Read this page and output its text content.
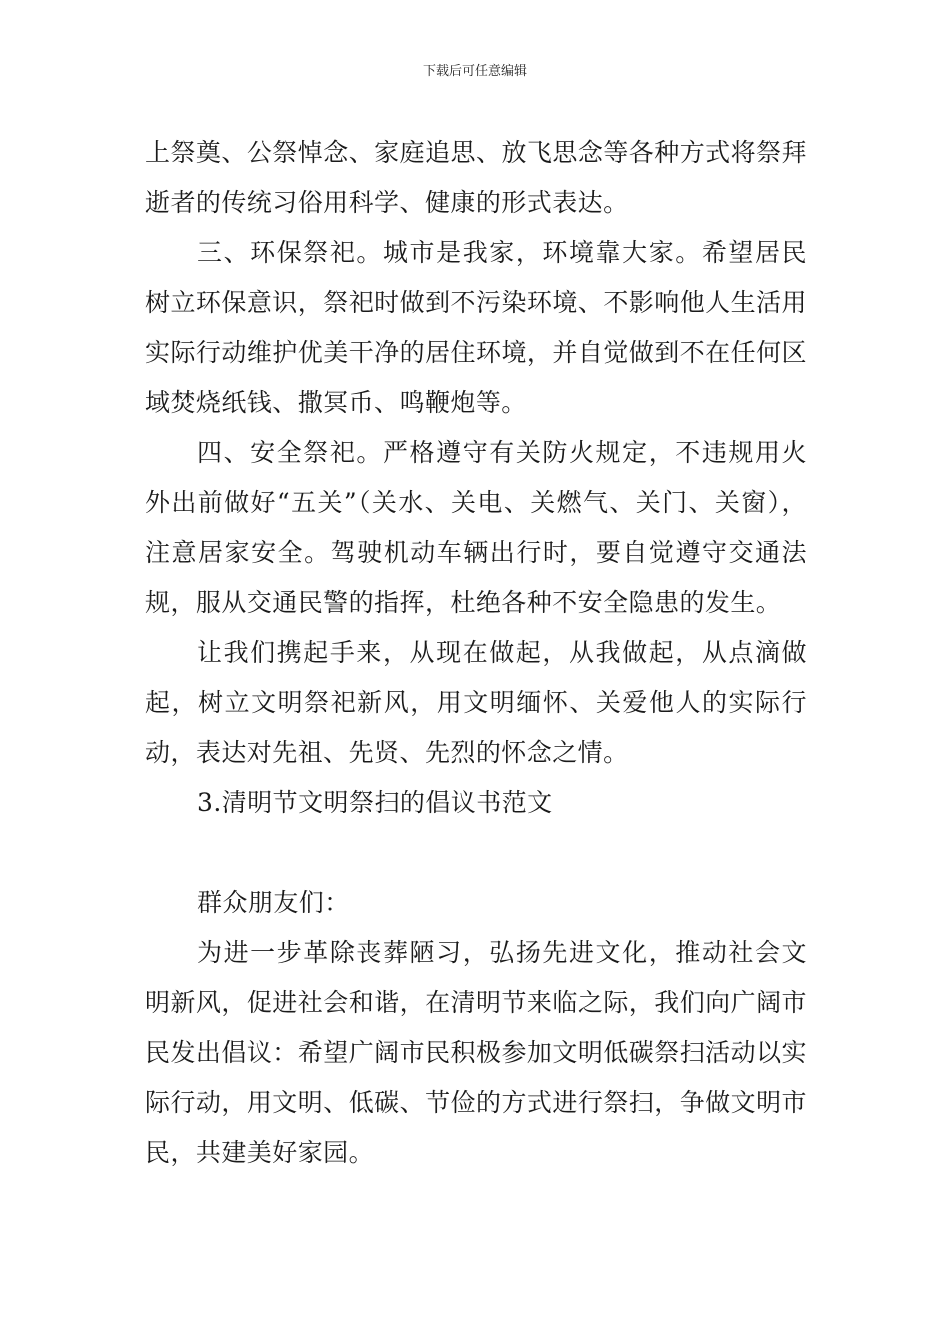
下载后可任意编辑

上祭奠、公祭悼念、家庭追思、放飞思念等各种方式将祭拜逝者的传统习俗用科学、健康的形式表达。

三、环保祭祀。城市是我家，环境靠大家。希望居民树立环保意识，祭祀时做到不污染环境、不影响他人生活用实际行动维护优美干净的居住环境，并自觉做到不在任何区域焚烧纸钱、撒冥币、鸣鞭炮等。

四、安全祭祀。严格遵守有关防火规定，不违规用火外出前做好“五关”（关水、关电、关燃气、关门、关窗），注意居家安全。驾驶机动车辆出行时，要自觉遵守交通法规，服从交通民警的指挥，杜绝各种不安全隐患的发生。

让我们携起手来，从现在做起，从我做起，从点滴做起，树立文明祭祀新风，用文明缅怀、关爱他人的实际行动，表达对先祖、先贤、先烈的怀念之情。

3.清明节文明祭扫的倡议书范文

群众朋友们：

为进一步革除丧葬陋习，弘扬先进文化，推动社会文明新风，促进社会和谐，在清明节来临之际，我们向广阔市民发出倡议：希望广阔市民积极参加文明低碳祭扫活动以实际行动，用文明、低碳、节俭的方式进行祭扫，争做文明市民，共建美好家园。
